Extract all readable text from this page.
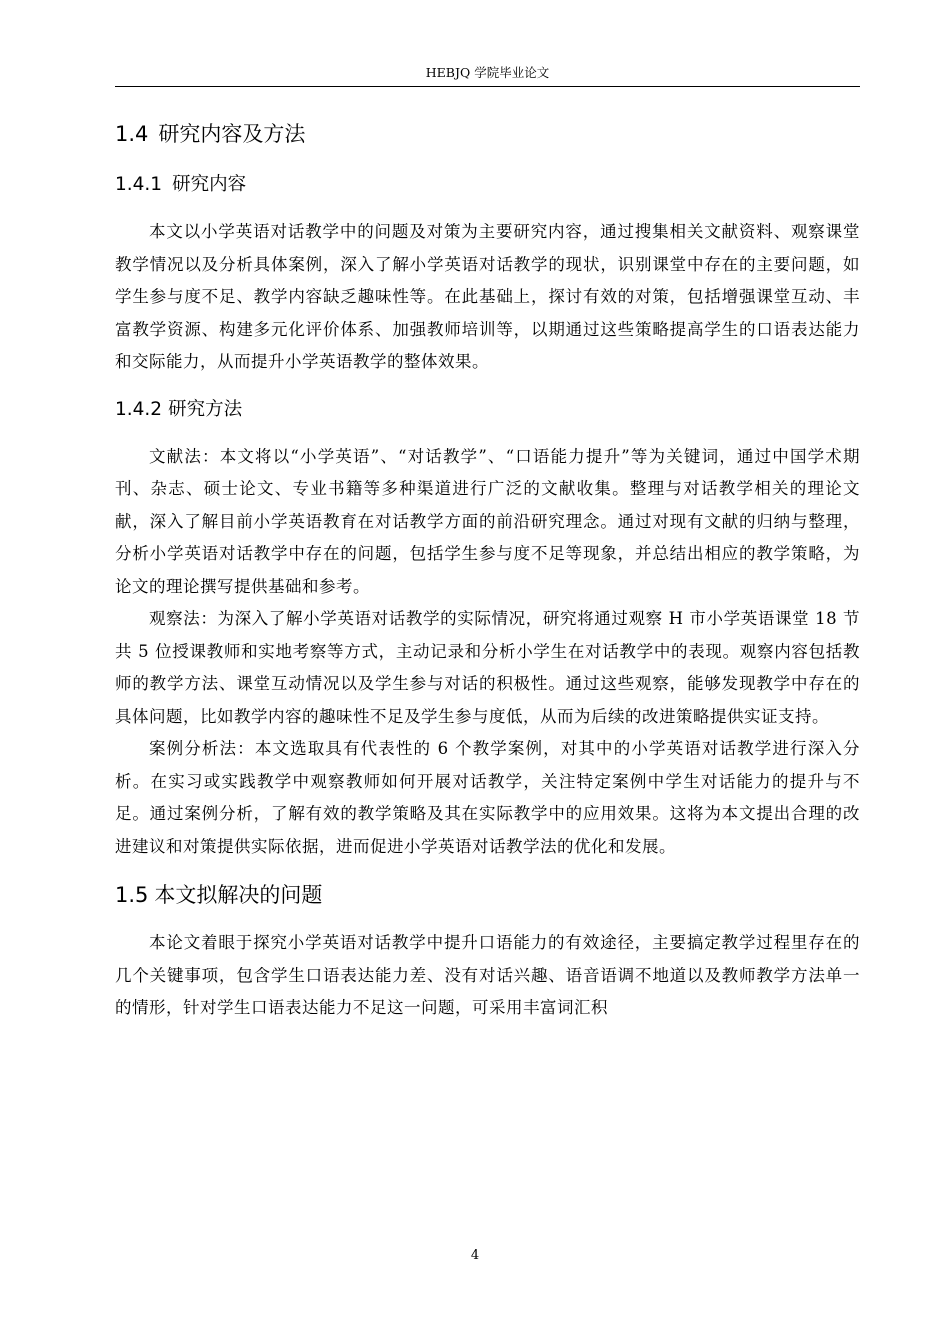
HEBJQ 学院毕业论文
1.4 研究内容及方法
1.4.1 研究内容

本文以小学英语对话教学中的问题及对策为主要研究内容，通过搜集相关文献资料、观察课堂教学情况以及分析具体案例，深入了解小学英语对话教学的现状，识别课堂中存在的主要问题，如学生参与度不足、教学内容缺乏趣味性等。在此基础上，探讨有效的对策，包括增强课堂互动、丰富教学资源、构建多元化评价体系、加强教师培训等，以期通过这些策略提高学生的口语表达能力和交际能力，从而提升小学英语教学的整体效果。

1.4.2 研究方法

文献法：本文将以“小学英语”、“对话教学”、“口语能力提升”等为关键词，通过中国学术期刊、杂志、硕士论文、专业书籍等多种渠道进行广泛的文献收集。整理与对话教学相关的理论文献，深入了解目前小学英语教育在对话教学方面的前沿研究理念。通过对现有文献的归纳与整理，分析小学英语对话教学中存在的问题，包括学生参与度不足等现象，并总结出相应的教学策略，为论文的理论撰写提供基础和参考。

观察法：为深入了解小学英语对话教学的实际情况，研究将通过观察 H 市小学英语课堂 18 节共 5 位授课教师和实地考察等方式，主动记录和分析小学生在对话教学中的表现。观察内容包括教师的教学方法、课堂互动情况以及学生参与对话的积极性。通过这些观察，能够发现教学中存在的具体问题，比如教学内容的趣味性不足及学生参与度低，从而为后续的改进策略提供实证支持。

案例分析法：本文选取具有代表性的 6 个教学案例，对其中的小学英语对话教学进行深入分析。在实习或实践教学中观察教师如何开展对话教学，关注特定案例中学生对话能力的提升与不足。通过案例分析，了解有效的教学策略及其在实际教学中的应用效果。这将为本文提出合理的改进建议和对策提供实际依据，进而促进小学英语对话教学法的优化和发展。

1.5 本文拟解决的问题

本论文着眼于探究小学英语对话教学中提升口语能力的有效途径，主要搞定教学过程里存在的几个关键事项，包含学生口语表达能力差、没有对话兴趣、语音语调不地道以及教师教学方法单一的情形，针对学生口语表达能力不足这一问题，可采用丰富词汇积

4
